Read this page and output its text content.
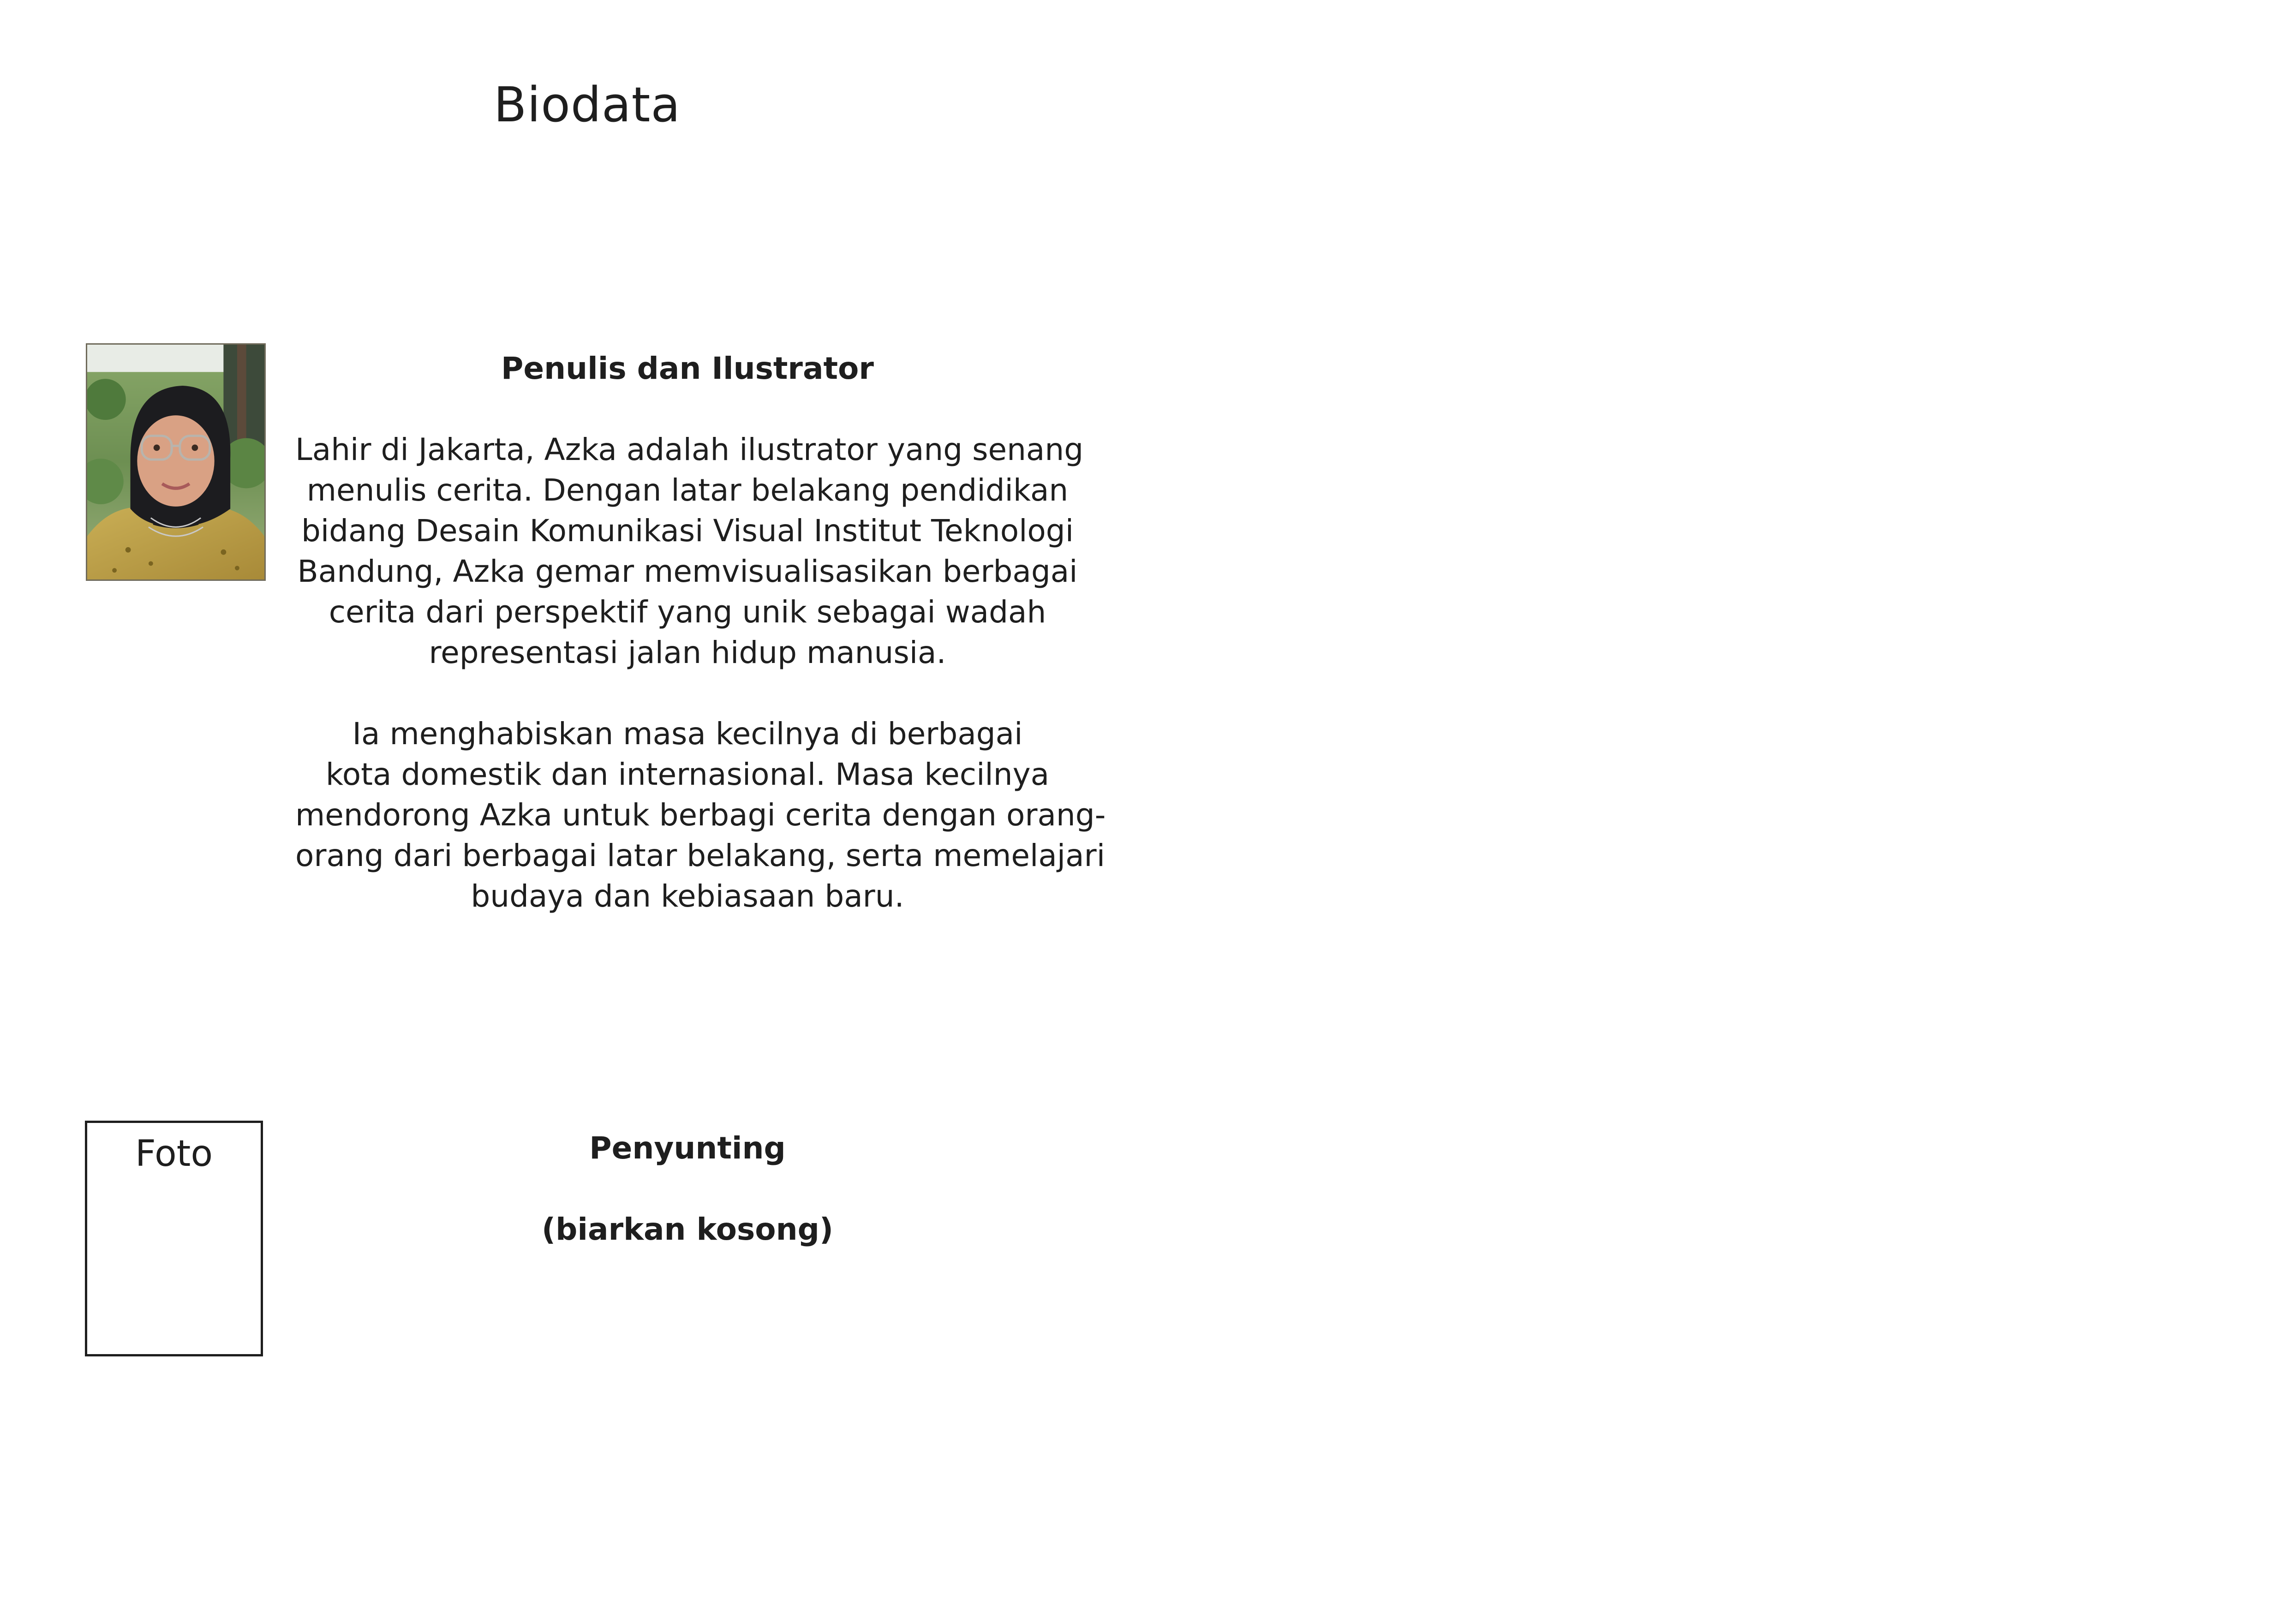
Biodata
Penulis dan Ilustrator

Lahir di Jakarta, Azka adalah ilustrator yang senang
menulis cerita. Dengan latar belakang pendidikan
bidang Desain Komunikasi Visual Institut Teknologi
Bandung, Azka gemar memvisualisasikan berbagai
cerita dari perspektif yang unik sebagai wadah
representasi jalan hidup manusia.

Ia menghabiskan masa kecilnya di berbagai
kota domestik dan internasional. Masa kecilnya
mendorong Azka untuk berbagi cerita dengan orang-
orang dari berbagai latar belakang, serta memelajari
budaya dan kebiasaan baru.

Foto	Penyunting

(biarkan kosong)
